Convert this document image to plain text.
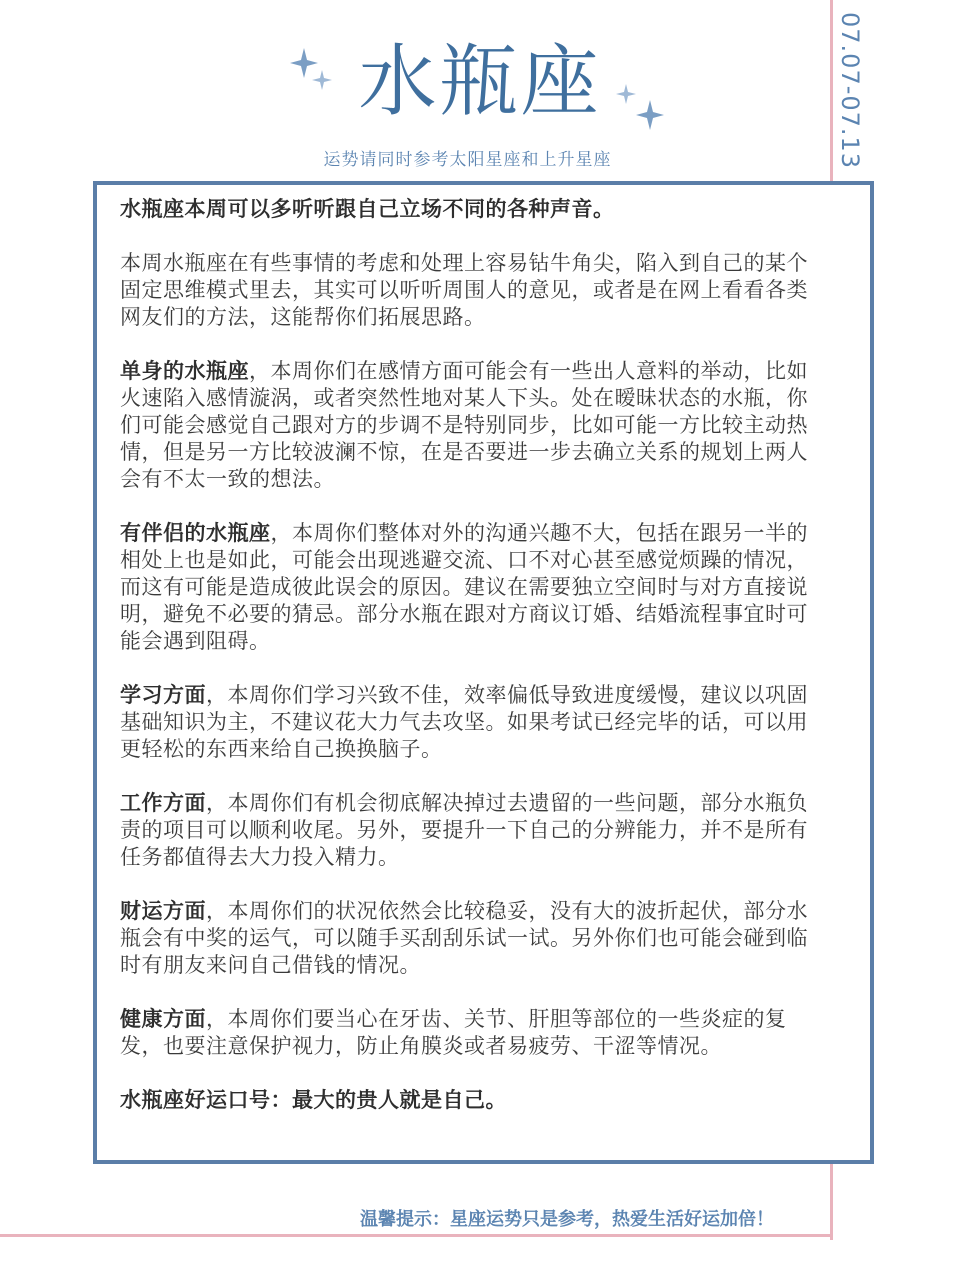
07.07-07.13
水瓶座
运势请同时参考太阳星座和上升星座
水瓶座本周可以多听听跟自己立场不同的各种声音。
本周水瓶座在有些事情的考虑和处理上容易钻牛角尖，陷入到自己的某个固定思维模式里去，其实可以听听周围人的意见，或者是在网上看看各类网友们的方法，这能帮你们拓展思路。
单身的水瓶座，本周你们在感情方面可能会有一些出人意料的举动，比如火速陷入感情漩涡，或者突然性地对某人下头。处在暧昧状态的水瓶，你们可能会感觉自己跟对方的步调不是特别同步，比如可能一方比较主动热情，但是另一方比较波澜不惊，在是否要进一步去确立关系的规划上两人会有不太一致的想法。
有伴侣的水瓶座，本周你们整体对外的沟通兴趣不大，包括在跟另一半的相处上也是如此，可能会出现逃避交流、口不对心甚至感觉烦躁的情况，而这有可能是造成彼此误会的原因。建议在需要独立空间时与对方直接说明，避免不必要的猜忌。部分水瓶在跟对方商议订婚、结婚流程事宜时可能会遇到阻碍。
学习方面，本周你们学习兴致不佳，效率偏低导致进度缓慢，建议以巩固基础知识为主，不建议花大力气去攻坚。如果考试已经完毕的话，可以用更轻松的东西来给自己换换脑子。
工作方面，本周你们有机会彻底解决掉过去遗留的一些问题，部分水瓶负责的项目可以顺利收尾。另外，要提升一下自己的分辨能力，并不是所有任务都值得去大力投入精力。
财运方面，本周你们的状况依然会比较稳妥，没有大的波折起伏，部分水瓶会有中奖的运气，可以随手买刮刮乐试一试。另外你们也可能会碰到临时有朋友来问自己借钱的情况。
健康方面，本周你们要当心在牙齿、关节、肝胆等部位的一些炎症的复发，也要注意保护视力，防止角膜炎或者易疲劳、干涩等情况。
水瓶座好运口号：最大的贵人就是自己。
温馨提示：星座运势只是参考，热爱生活好运加倍！
